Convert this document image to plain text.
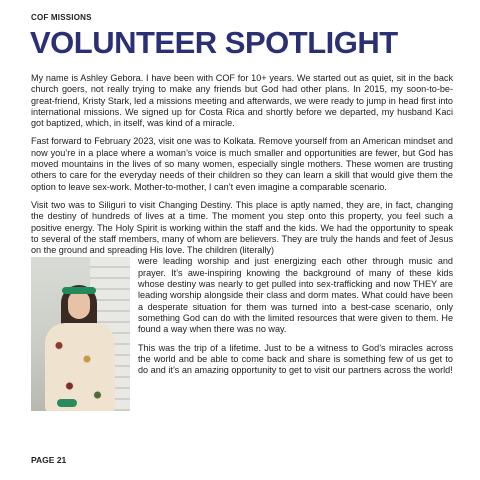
COF MISSIONS
VOLUNTEER SPOTLIGHT

My name is Ashley Gebora. I have been with COF for 10+ years. We started out as quiet, sit in the back church goers, not really trying to make any friends but God had other plans. In 2015, my soon-to-be-great-friend, Kristy Stark, led a missions meeting and afterwards, we were ready to jump in head first into international missions. We signed up for Costa Rica and shortly before we departed, my husband Kaci got baptized, which, in itself, was kind of a miracle.

Fast forward to February 2023, visit one was to Kolkata. Remove yourself from an American mindset and now you’re in a place where a woman’s voice is much smaller and opportunities are fewer, but God has moved mountains in the lives of so many women, especially single mothers. These women are trusting others to care for the everyday needs of their children so they can learn a skill that would give them the option to leave sex-work. Mother-to-mother, I can’t even imagine a comparable scenario.

Visit two was to Siliguri to visit Changing Destiny. This place is aptly named, they are, in fact, changing the destiny of hundreds of lives at a time. The moment you step onto this property, you feel such a positive energy. The Holy Spirit is working within the staff and the kids. We had the opportunity to speak to several of the staff members, many of whom are believers. They are truly the hands and feet of Jesus on the ground and spreading His love. The children (literally)

were leading worship and just energizing each other through music and prayer. It’s awe-inspiring knowing the background of many of these kids whose destiny was nearly to get pulled into sex-trafficking and now THEY are leading worship alongside their class and dorm mates. What could have been a desperate situation for them was turned into a best-case scenario, only something God can do with the limited resources that were given to them. He found a way when there was no way.

This was the trip of a lifetime. Just to be a witness to God’s miracles across the world and be able to come back and share is something few of us get to do and it’s an amazing opportunity to get to visit our partners across the world!

PAGE 21
